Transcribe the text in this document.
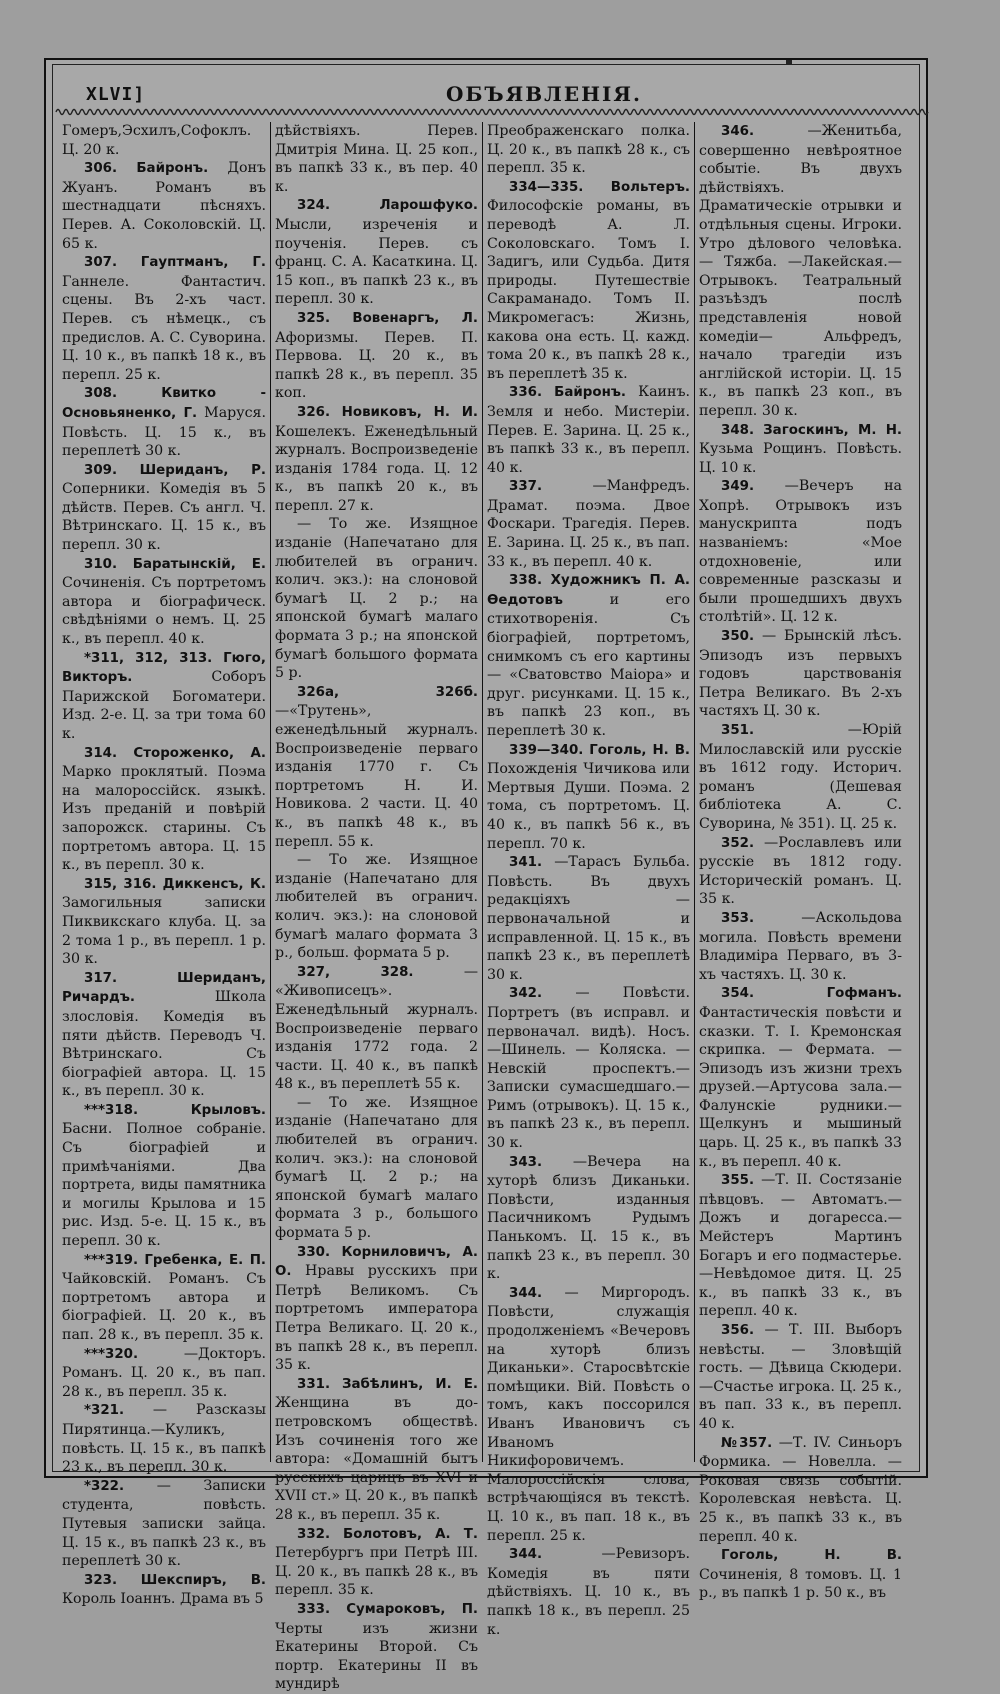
XLVI]	ОБЪЯВЛЕНІЯ.

Гомеръ,Эсхилъ,Софоклъ. Ц. 20 к.

306. Байронъ. Донъ Жуанъ. Романъ въ шестнадцати пѣсняхъ. Перев. А. Соколовскій. Ц. 65 к.

307. Гауптманъ, Г. Ганнеле. Фантастич. сцены. Въ 2-хъ част. Перев. съ нѣмецк., съ предислов. А. С. Суворина. Ц. 10 к., въ папкѣ 18 к., въ перепл. 25 к.

308.	Квитко - Основьяненко, Г. Маруся. Повѣсть. Ц. 15 к., въ переплетѣ 30 к.

309. Шериданъ, Р. Соперники. Комедія въ 5 дѣйств. Перев. Съ англ. Ч. Вѣтринскаго. Ц. 15 к., въ перепл. 30 к.

310. Баратынскій, Е. Сочиненія. Съ портретомъ автора и біографическ. свѣдѣніями о немъ. Ц. 25 к., въ перепл. 40 к.

*311, 312, 313. Гюго, Викторъ.	Соборъ Парижской Богоматери. Изд. 2-е. Ц. за три тома 60 к.

314. Стороженко, А. Марко проклятый. Поэма на малороссійск. языкѣ. Изъ преданій и повѣрій запорожск. старины. Съ портретомъ автора. Ц. 15 к., въ перепл. 30 к.

315, 316. Диккенсъ, К. Замогильныя записки Пиквикскаго клуба. Ц. за 2 тома 1 р., въ перепл. 1 р. 30 к.

317.	Шериданъ, Ричардъ.	Школа злословія. Комедія въ пяти дѣйств. Переводъ Ч. Вѣтринскаго. Съ біографіей автора. Ц. 15 к., въ перепл. 30 к.

***318.	Крыловъ. Басни. Полное собраніе. Съ біографіей и примѣчаніями. Два портрета, виды памятника и могилы Крылова и 15 рис. Изд. 5-е. Ц. 15 к., въ перепл. 30 к.

***319. Гребенка, Е. П. Чайковскій. Романъ. Съ портретомъ автора и біографіей. Ц. 20 к., въ пап. 28 к., въ перепл. 35 к.

***320.	—Докторъ. Романъ. Ц. 20 к., въ пап. 28 к., въ перепл. 35 к.

*321. — Разсказы Пирятинца.—Куликъ, повѣсть. Ц. 15 к., въ папкѣ 23 к., въ перепл. 30 к.

*322. — Записки студента, повѣсть. Путевыя записки зайца. Ц. 15 к., въ папкѣ 23 к., въ переплетѣ 30 к.

323. Шекспиръ, В. Король Іоаннъ. Драма въ 5

дѣйствіяхъ. Перев. Дмитрія Мина. Ц. 25 коп., въ папкѣ 33 к., въ пер. 40 к.

324.	Ларошфуко. Мысли, изреченія и поученія. Перев. съ франц. С. А. Касаткина. Ц. 15 коп., въ папкѣ 23 к., въ перепл. 30 к.

325. Вовенаргъ, Л. Афоризмы. Перев. П. Первова. Ц. 20 к., въ папкѣ 28 к., въ перепл. 35 коп.

326. Новиковъ, Н. И. Кошелекъ. Еженедѣльный журналъ. Воспроизведеніе изданія 1784 года. Ц. 12 к., въ папкѣ 20 к., въ перепл. 27 к.

— То же. Изящное изданіе (Напечатано для любителей въ огранич. колич. экз.): на слоновой бумагѣ Ц. 2 р.; на японской бумагѣ малаго формата 3 р.; на японской бумагѣ большого формата 5 р.

326а, 326б. —«Трутень», еженедѣльный журналъ. Воспроизведеніе перваго изданія 1770 г. Съ портретомъ Н. И. Новикова. 2 части. Ц. 40 к., въ папкѣ 48 к., въ перепл. 55 к.

— То же. Изящное изданіе (Напечатано для любителей въ огранич. колич. экз.): на слоновой бумагѣ малаго формата 3 р., больш. формата 5 р.

327, 328.	— «Живописецъ». Еженедѣльный журналъ. Воспроизведеніе перваго изданія 1772 года. 2 части. Ц. 40 к., въ папкѣ 48 к., въ переплетѣ 55 к.

— То же. Изящное изданіе (Напечатано для любителей въ огранич. колич. экз.): на слоновой бумагѣ Ц. 2 р.; на японской бумагѣ малаго формата 3 р., большого формата 5 р.

330. Корниловичъ, А. О. Нравы русскихъ при Петрѣ Великомъ. Съ портретомъ императора Петра Великаго. Ц. 20 к., въ папкѣ 28 к., въ перепл. 35 к.

331. Забѣлинъ, И. Е. Женщина въ до-петровскомъ обществѣ. Изъ сочиненія того же автора: «Домашній бытъ русскихъ царицъ въ XVI и XVII ст.» Ц. 20 к., въ папкѣ 28 к., въ перепл. 35 к.

332. Болотовъ, А. Т. Петербургъ при Петрѣ III. Ц. 20 к., въ папкѣ 28 к., въ перепл. 35 к.

333. Сумароковъ, П. Черты изъ жизни Екатерины Второй. Съ портр. Екатерины II въ мундирѣ

Преображенскаго полка. Ц. 20 к., въ папкѣ 28 к., съ перепл. 35 к.

334—335. Вольтеръ. Философскіе романы, въ переводѣ А. Л. Соколовскаго. Томъ I. Задигъ, или Судьба. Дитя природы. Путешествіе Сакраманадо. Томъ II. Микромегасъ: Жизнь, какова она есть. Ц. кажд. тома 20 к., въ папкѣ 28 к., въ переплетѣ 35 к.

336. Байронъ. Каинъ. Земля и небо. Мистеріи. Перев. Е. Зарина. Ц. 25 к., въ папкѣ 33 к., въ перепл. 40 к.

337.	—Манфредъ. Драмат. поэма. Двое Фоскари. Трагедія. Перев. Е. Зарина. Ц. 25 к., въ пап. 33 к., въ перепл. 40 к.

338. Художникъ П. А. Ѳедотовъ	и его стихотворенія. Съ біографіей, портретомъ, снимкомъ съ его картины — «Сватовство Маіора» и друг. рисунками. Ц. 15 к., въ папкѣ 23 коп., въ переплетѣ 30 к.

339—340. Гоголь, Н. В. Похожденія Чичикова или Мертвыя Души. Поэма. 2 тома, съ портретомъ. Ц. 40 к., въ папкѣ 56 к., въ перепл. 70 к.

341. —Тарасъ Бульба. Повѣсть. Въ двухъ редакціяхъ — первоначальной и исправленной. Ц. 15 к., въ папкѣ 23 к., въ переплетѣ 30 к.

342. — Повѣсти. Портретъ (въ исправл. и первоначал. видѣ). Носъ. —Шинель. — Коляска. — Невскій проспектъ.—Записки сумасшедшаго.— Римъ (отрывокъ). Ц. 15 к., въ папкѣ 23 к., въ перепл. 30 к.

343. —Вечера на хуторѣ близъ Диканьки. Повѣсти, изданныя Пасичникомъ Рудымъ Панькомъ. Ц. 15 к., въ папкѣ 23 к., въ перепл. 30 к.

344. — Миргородъ. Повѣсти, служащія продолженіемъ «Вечеровъ на хуторѣ близъ Диканьки». Старосвѣтскіе помѣщики. Вій. Повѣсть о томъ, какъ поссорился Иванъ Ивановичъ съ Иваномъ Никифоровичемъ. Малороссійскія слова, встрѣчающіяся въ текстѣ. Ц. 10 к., въ пап. 18 к., въ перепл. 25 к.

344.	—Ревизоръ. Комедія въ пяти дѣйствіяхъ. Ц. 10 к., въ папкѣ 18 к., въ перепл. 25 к.

346.	—Женитьба, совершенно невѣроятное событіе. Въ двухъ дѣйствіяхъ. Драматическіе отрывки и отдѣльныя сцены. Игроки. Утро дѣлового человѣка. — Тяжба. —Лакейская.—Отрывокъ. Театральный разъѣздъ послѣ представленія новой комедіи— Альфредъ, начало трагедіи изъ англійской исторіи. Ц. 15 к., въ папкѣ 23 коп., въ перепл. 30 к.

348. Загоскинъ, М. Н. Кузьма Рощинъ. Повѣсть. Ц. 10 к.

349. —Вечеръ на Хопрѣ. Отрывокъ изъ манускрипта подъ названіемъ: «Мое отдохновеніе, или современные разсказы и были прошедшихъ двухъ столѣтій». Ц. 12 к.

350. — Брынскій лѣсъ. Эпизодъ изъ первыхъ годовъ царствованія Петра Великаго. Въ 2-хъ частяхъ Ц. 30 к.

351.	—Юрій Милославскій или русскіе въ 1612 году. Историч. романъ (Дешевая библіотека А. С. Суворина, № 351). Ц. 25 к.

352. —Рославлевъ или русскіе въ 1812 году. Историческій романъ. Ц. 35 к.

353.	—Аскольдова могила. Повѣсть времени Владиміра Перваго, въ 3-хъ частяхъ. Ц. 30 к.

354.	Гофманъ. Фантастическія повѣсти и сказки. Т. I. Кремонская скрипка. — Фермата. — Эпизодъ изъ жизни трехъ друзей.—Артусова зала.—Фалунскіе рудники.—Щелкунъ и мышиный царь. Ц. 25 к., въ папкѣ 33 к., въ перепл. 40 к.

355. —Т. II. Состязаніе пѣвцовъ. — Автоматъ.— Дожъ и догаресса.—Мейстеръ Мартинъ Богаръ и его подмастерье.—Невѣдомое дитя. Ц. 25 к., въ папкѣ 33 к., въ перепл. 40 к.

356. — Т. III. Выборъ невѣсты. — Зловѣщій гость. — Дѣвица Скюдери.—Счастье игрока. Ц. 25 к., въ пап. 33 к., въ перепл. 40 к.

№357. —Т. IV. Синьоръ Формика. — Новелла. — Роковая связь событій. Королевская невѣста. Ц. 25 к., въ папкѣ 33 к., въ перепл. 40 к.

Гоголь, Н. В. Сочиненія, 8 томовъ. Ц. 1 р., въ папкѣ 1 р. 50 к., въ
